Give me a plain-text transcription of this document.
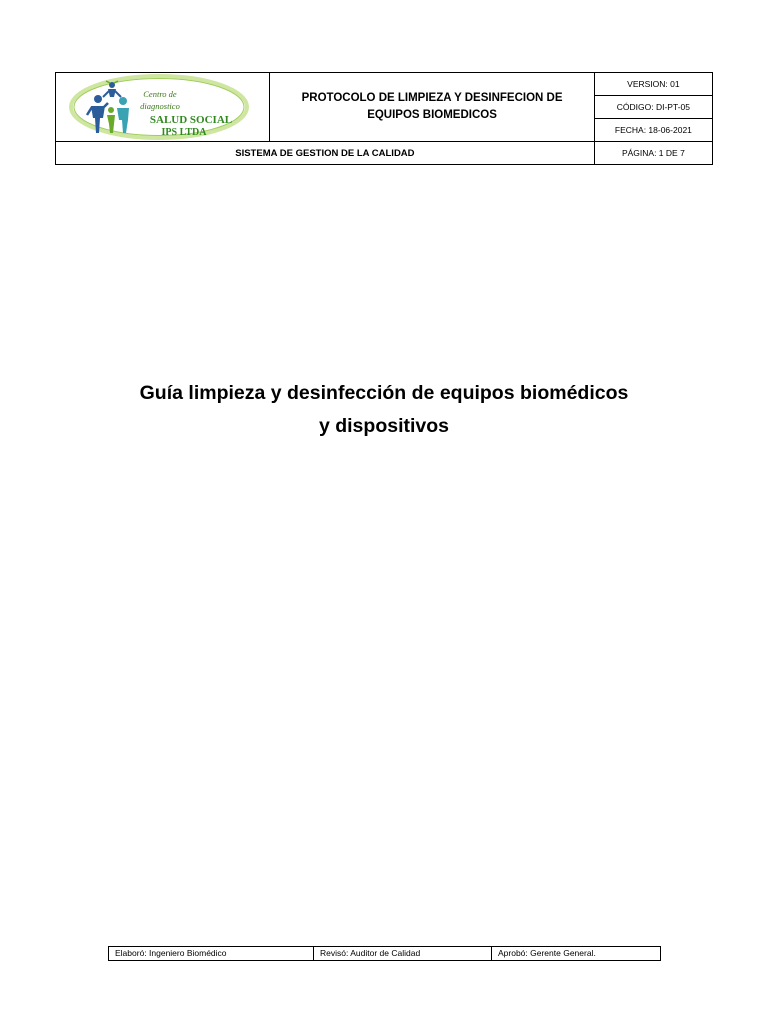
Centro de
diagnostico
SALUD SOCIAL
IPS LTDA	PROTOCOLO DE LIMPIEZA Y DESINFECION DE EQUIPOS BIOMEDICOS	VERSION: 01
		CÓDIGO: DI-PT-05
		FECHA: 18-06-2021
SISTEMA DE GESTION DE LA CALIDAD		PÁGINA: 1 DE 7
Guía limpieza y desinfección de equipos biomédicos
y dispositivos
Elaboró: Ingeniero Biomédico	Revisó: Auditor de Calidad	Aprobó: Gerente General.
